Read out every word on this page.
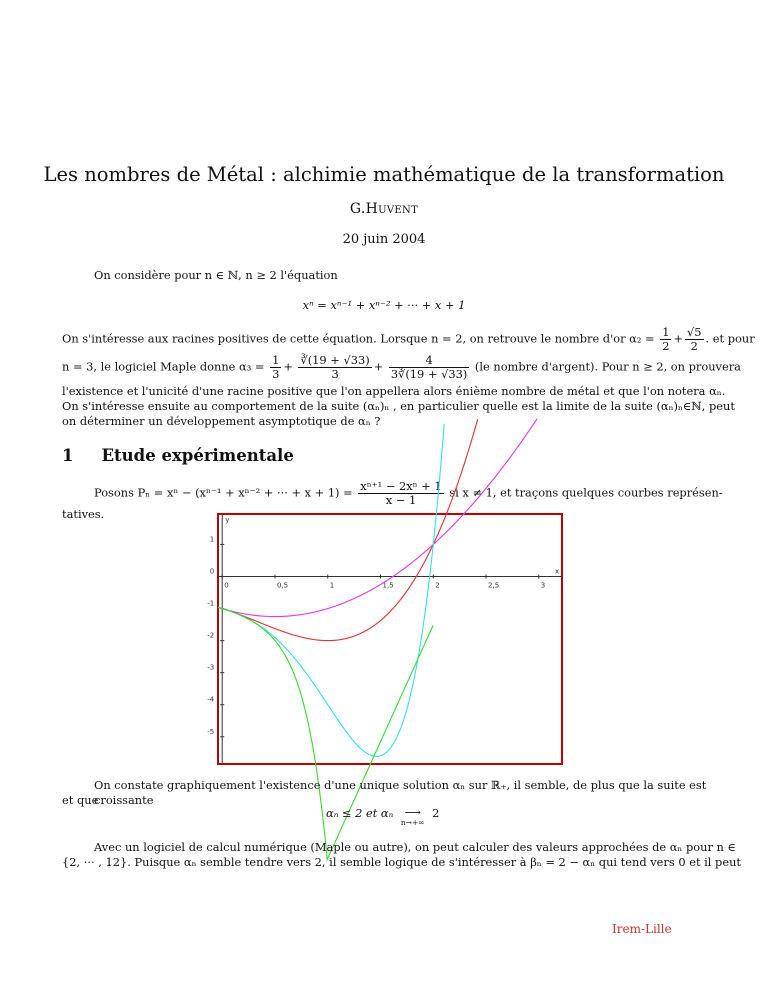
Les nombres de Métal : alchimie mathématique de la transformation
G.Huvent
20 juin 2004
On considère pour n ∈ ℕ, n ≥ 2 l'équation
xⁿ = xⁿ⁻¹ + xⁿ⁻² + ··· + x + 1
On s'intéresse aux racines positives de cette équation. Lorsque n = 2, on retrouve le nombre d'or $\alpha_2 = \frac{1}{2} + \frac{√5}{2}$ . et pour
n = 3, le logiciel Maple donne $\alpha_3 = \frac{1}{3} + \frac{∛(19 + √33)}{3} + \frac{4}{3∛(19 + √33)} (le$ nombre d'argent). Pour n ≥ 2, on prouvera
l'existence et l'unicité d'une racine positive que l'on appellera alors énième nombre de métal et que l'on notera αₙ.
On s'intéresse ensuite au comportement de la suite (αₙ)ₙ , en particulier quelle est la limite de la suite (αₙ)ₙ∈ℕ, peut
on déterminer un développement asymptotique de αₙ ?
1 Etude expérimentale
Posons Pₙ = xⁿ − (xⁿ⁻¹ + xⁿ⁻² + ··· + $x + 1) = \frac{\text{xⁿ⁺¹ − 2xⁿ + 1}}{x - 1}$ si x ≠ 1, et traçons quelques courbes représen-
tatives.
x
y
0	0,5	1	1,5	2	2,5	3
1
0
-1
-2
-3
-4
-5
On constate graphiquement l'existence d'une unique solution αₙ sur ℝ₊, il semble, de plus que la suite est croissante
et que
αₙ ≤ 2 et αₙ ⟶
n→+∞
2
Avec un logiciel de calcul numérique (Maple ou autre), on peut calculer des valeurs approchées de αₙ pour n ∈
{2, ··· , 12}. Puisque αₙ semble tendre vers 2, il semble logique de s'intéresser à βₙ = 2 − αₙ qui tend vers 0 et il peut
Irem-Lille
